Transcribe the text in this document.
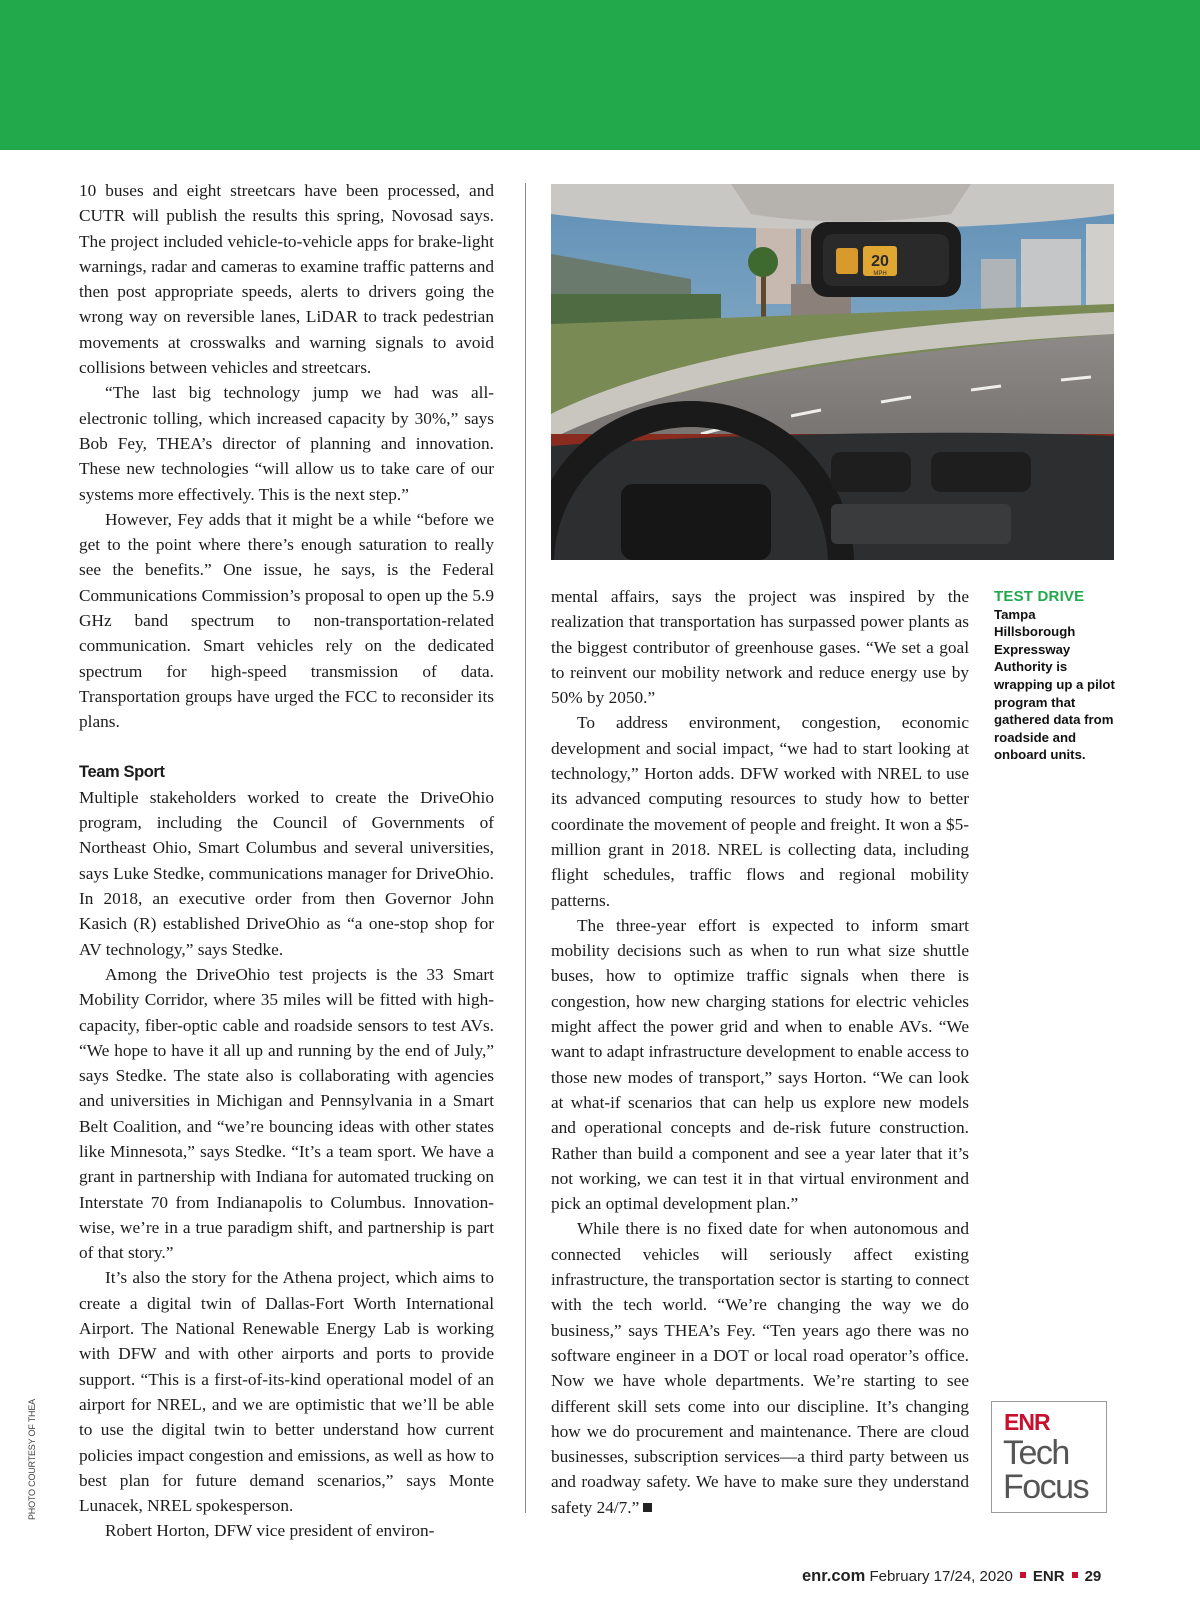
10 buses and eight streetcars have been processed, and CUTR will publish the results this spring, Novosad says. The project included vehicle-to-vehicle apps for brake-light warnings, radar and cameras to examine traffic patterns and then post appropriate speeds, alerts to drivers going the wrong way on reversible lanes, LiDAR to track pedestrian movements at crosswalks and warning signals to avoid collisions between vehicles and streetcars.

“The last big technology jump we had was all-electronic tolling, which increased capacity by 30%,” says Bob Fey, THEA’s director of planning and innovation. These new technologies “will allow us to take care of our systems more effectively. This is the next step.”

However, Fey adds that it might be a while “before we get to the point where there’s enough saturation to really see the benefits.” One issue, he says, is the Federal Communications Commission’s proposal to open up the 5.9 GHz band spectrum to non-transportation-related communication. Smart vehicles rely on the dedicated spectrum for high-speed transmission of data. Transportation groups have urged the FCC to reconsider its plans.

Team Sport

Multiple stakeholders worked to create the DriveOhio program, including the Council of Governments of Northeast Ohio, Smart Columbus and several universities, says Luke Stedke, communications manager for DriveOhio. In 2018, an executive order from then Governor John Kasich (R) established DriveOhio as “a one-stop shop for AV technology,” says Stedke.

Among the DriveOhio test projects is the 33 Smart Mobility Corridor, where 35 miles will be fitted with high-capacity, fiber-optic cable and roadside sensors to test AVs. “We hope to have it all up and running by the end of July,” says Stedke. The state also is collaborating with agencies and universities in Michigan and Pennsylvania in a Smart Belt Coalition, and “we’re bouncing ideas with other states like Minnesota,” says Stedke. “It’s a team sport. We have a grant in partnership with Indiana for automated trucking on Interstate 70 from Indianapolis to Columbus. Innovation-wise, we’re in a true paradigm shift, and partnership is part of that story.”

It’s also the story for the Athena project, which aims to create a digital twin of Dallas-Fort Worth International Airport. The National Renewable Energy Lab is working with DFW and with other airports and ports to provide support. “This is a first-of-its-kind operational model of an airport for NREL, and we are optimistic that we’ll be able to use the digital twin to better understand how current policies impact congestion and emissions, as well as how to best plan for future demand scenarios,” says Monte Lunacek, NREL spokesperson.

Robert Horton, DFW vice president of environ-

20
MPH

mental affairs, says the project was inspired by the realization that transportation has surpassed power plants as the biggest contributor of greenhouse gases. “We set a goal to reinvent our mobility network and reduce energy use by 50% by 2050.”

To address environment, congestion, economic development and social impact, “we had to start looking at technology,” Horton adds. DFW worked with NREL to use its advanced computing resources to study how to better coordinate the movement of people and freight. It won a $5-million grant in 2018. NREL is collecting data, including flight schedules, traffic flows and regional mobility patterns.

The three-year effort is expected to inform smart mobility decisions such as when to run what size shuttle buses, how to optimize traffic signals when there is congestion, how new charging stations for electric vehicles might affect the power grid and when to enable AVs. “We want to adapt infrastructure development to enable access to those new modes of transport,” says Horton. “We can look at what-if scenarios that can help us explore new models and operational concepts and de-risk future construction. Rather than build a component and see a year later that it’s not working, we can test it in that virtual environment and pick an optimal development plan.”

While there is no fixed date for when autonomous and connected vehicles will seriously affect existing infrastructure, the transportation sector is starting to connect with the tech world. “We’re changing the way we do business,” says THEA’s Fey. “Ten years ago there was no software engineer in a DOT or local road operator’s office. Now we have whole departments. We’re starting to see different skill sets come into our discipline. It’s changing how we do procurement and maintenance. There are cloud businesses, subscription services—a third party between us and roadway safety. We have to make sure they understand safety 24/7.”

TEST DRIVE
Tampa Hillsborough Expressway Authority is wrapping up a pilot program that gathered data from roadside and onboard units.
PHOTO COURTESY OF THEA	ENR
Tech
Focus
enr.com February 17/24, 2020 ENR 29
